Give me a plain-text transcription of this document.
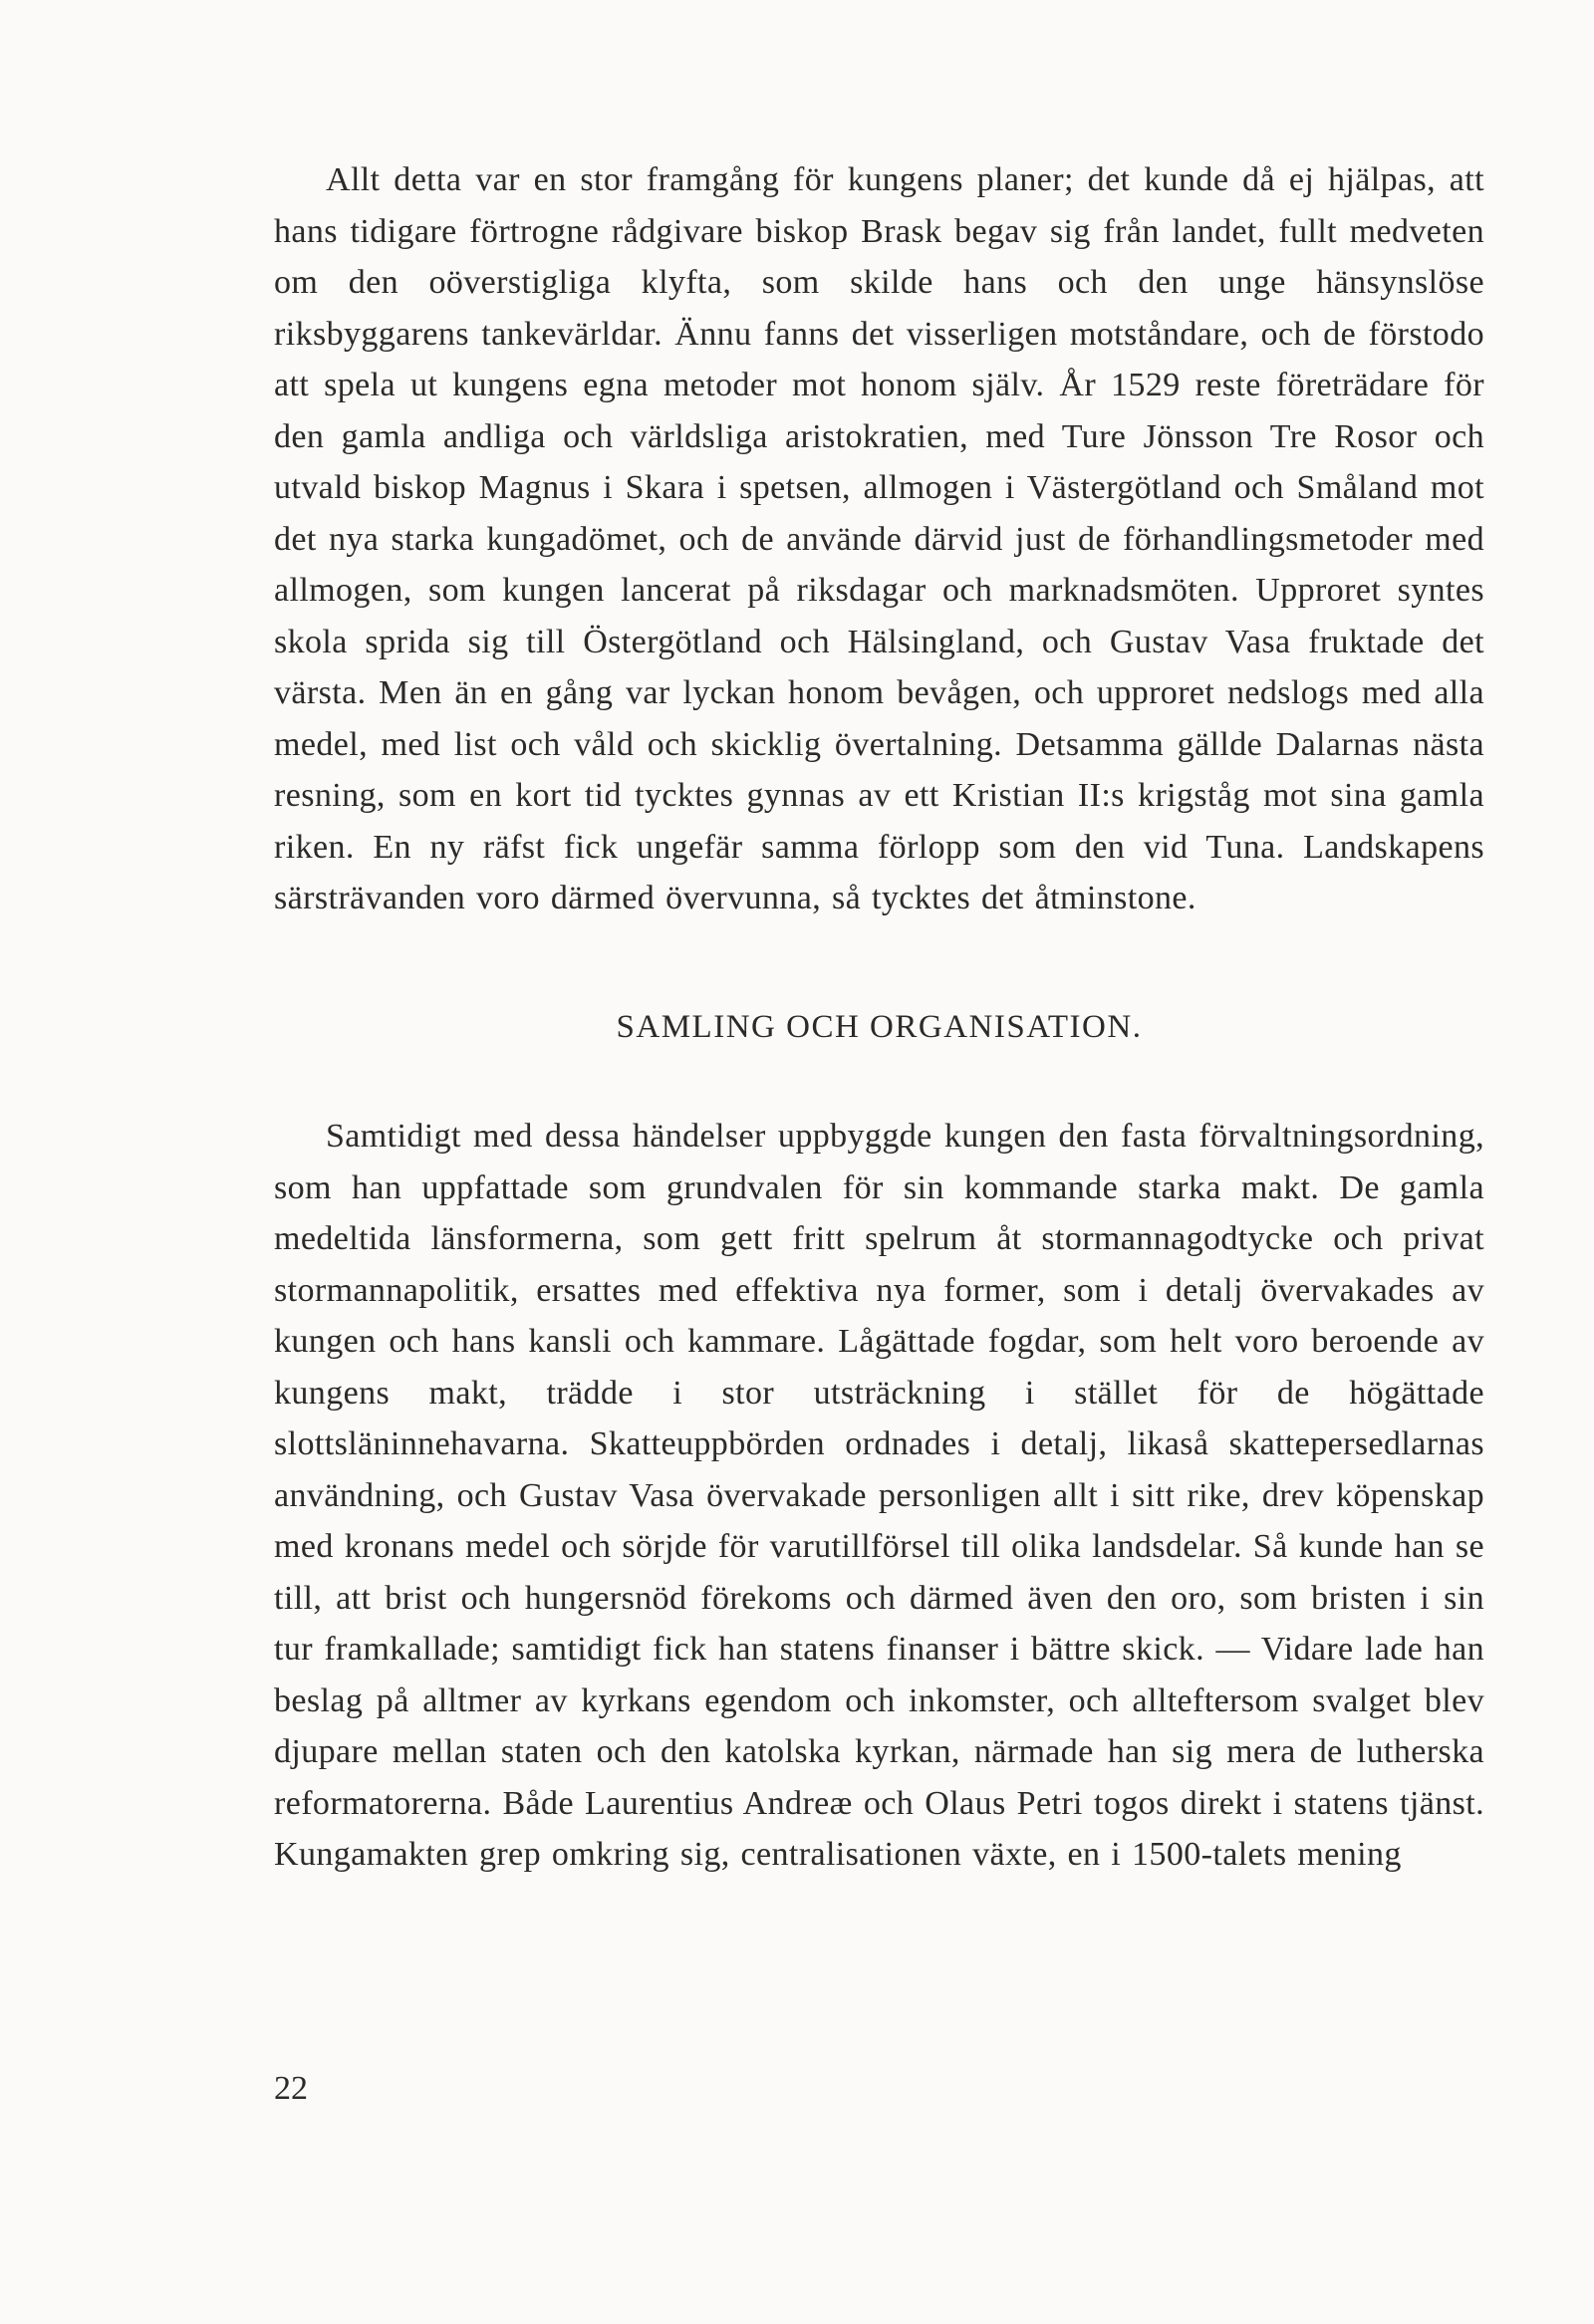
Allt detta var en stor framgång för kungens planer; det kunde då ej hjälpas, att hans tidigare förtrogne rådgivare biskop Brask begav sig från landet, fullt medveten om den oöverstigliga klyfta, som skilde hans och den unge hänsynslöse riksbyggarens tankevärldar. Ännu fanns det visserligen motståndare, och de förstodo att spela ut kungens egna metoder mot honom själv. År 1529 reste företrädare för den gamla andliga och världsliga aristokratien, med Ture Jönsson Tre Rosor och utvald biskop Magnus i Skara i spetsen, allmogen i Västergötland och Småland mot det nya starka kungadömet, och de använde därvid just de förhandlingsmetoder med allmogen, som kungen lancerat på riksdagar och marknadsmöten. Upproret syntes skola sprida sig till Östergötland och Hälsingland, och Gustav Vasa fruktade det värsta. Men än en gång var lyckan honom bevågen, och upproret nedslogs med alla medel, med list och våld och skicklig övertalning. Detsamma gällde Dalarnas nästa resning, som en kort tid tycktes gynnas av ett Kristian II:s krigståg mot sina gamla riken. En ny räfst fick ungefär samma förlopp som den vid Tuna. Landskapens särsträvanden voro därmed övervunna, så tycktes det åtminstone.

SAMLING OCH ORGANISATION.

Samtidigt med dessa händelser uppbyggde kungen den fasta förvaltningsordning, som han uppfattade som grundvalen för sin kommande starka makt. De gamla medeltida länsformerna, som gett fritt spelrum åt stormannagodtycke och privat stormannapolitik, ersattes med effektiva nya former, som i detalj övervakades av kungen och hans kansli och kammare. Lågättade fogdar, som helt voro beroende av kungens makt, trädde i stor utsträckning i stället för de högättade slottsläninnehavarna. Skatteuppbörden ordnades i detalj, likaså skattepersedlarnas användning, och Gustav Vasa övervakade personligen allt i sitt rike, drev köpenskap med kronans medel och sörjde för varutillförsel till olika landsdelar. Så kunde han se till, att brist och hungersnöd förekoms och därmed även den oro, som bristen i sin tur framkallade; samtidigt fick han statens finanser i bättre skick. — Vidare lade han beslag på alltmer av kyrkans egendom och inkomster, och allteftersom svalget blev djupare mellan staten och den katolska kyrkan, närmade han sig mera de lutherska reformatorerna. Både Laurentius Andreæ och Olaus Petri togos direkt i statens tjänst. Kungamakten grep omkring sig, centralisationen växte, en i 1500-talets mening

22
